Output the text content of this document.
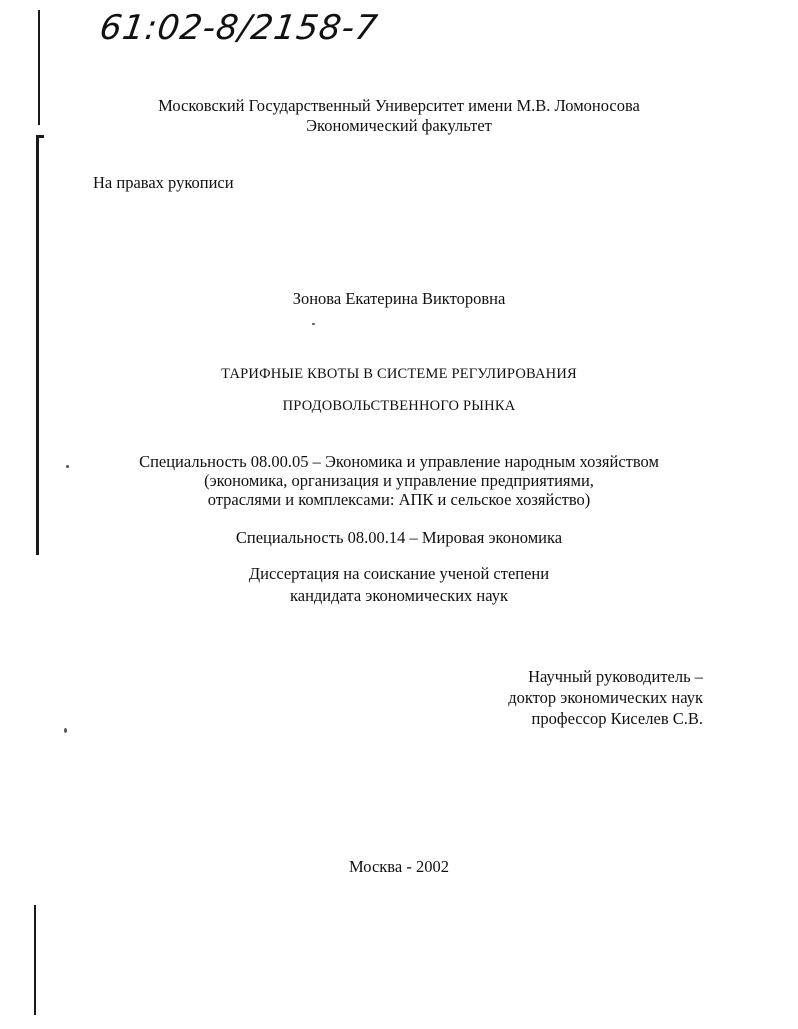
61:02-8/2158-7
Московский Государственный Университет имени М.В. Ломоносова
Экономический факультет
На правах рукописи
Зонова Екатерина Викторовна
ТАРИФНЫЕ КВОТЫ В СИСТЕМЕ РЕГУЛИРОВАНИЯ
ПРОДОВОЛЬСТВЕННОГО РЫНКА
Специальность 08.00.05 – Экономика и управление народным хозяйством
(экономика, организация и управление предприятиями,
отраслями и комплексами: АПК и сельское хозяйство)
Специальность 08.00.14 – Мировая экономика
Диссертация на соискание ученой степени
кандидата экономических наук
Научный руководитель –
доктор экономических наук
профессор Киселев С.В.
Москва - 2002
